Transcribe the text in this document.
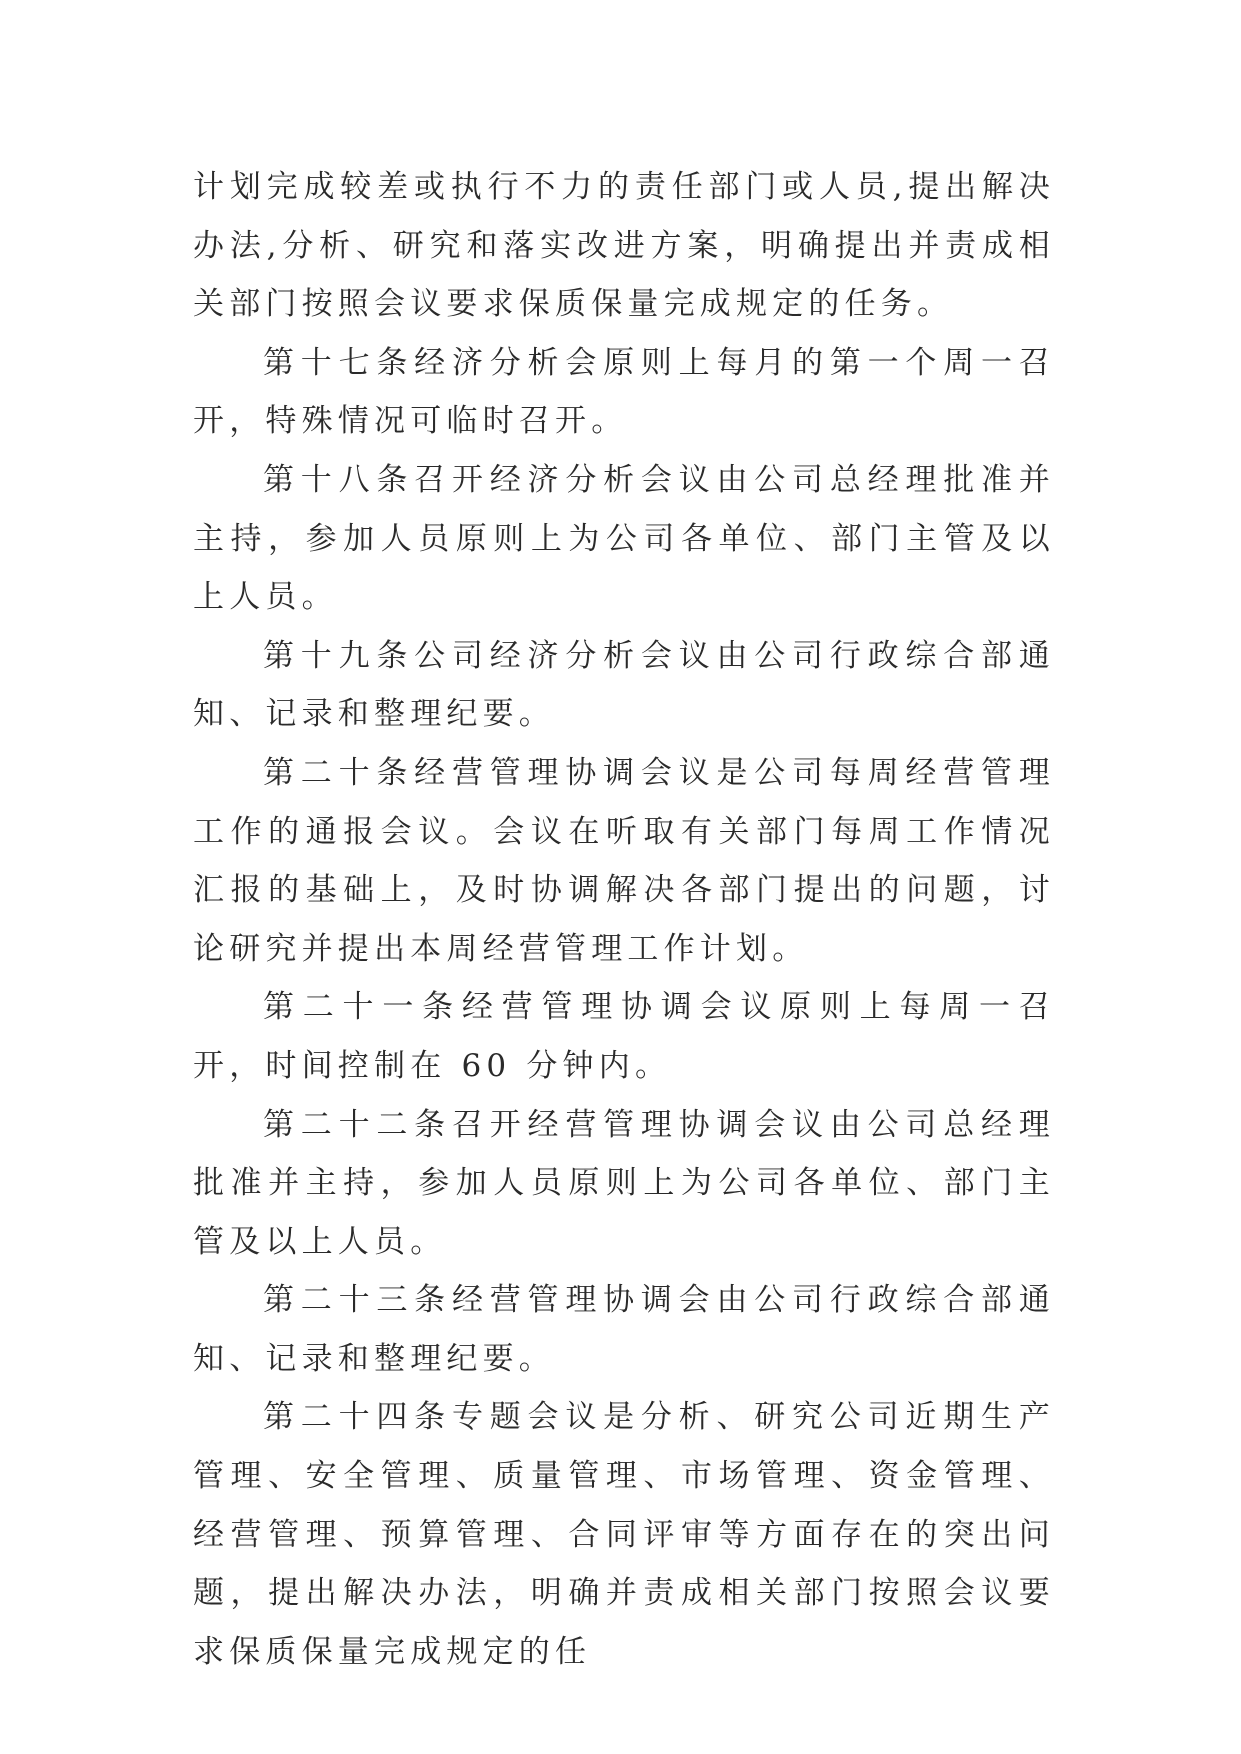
计划完成较差或执行不力的责任部门或人员,提出解决办法,分析、研究和落实改进方案，明确提出并责成相关部门按照会议要求保质保量完成规定的任务。

第十七条经济分析会原则上每月的第一个周一召开，特殊情况可临时召开。

第十八条召开经济分析会议由公司总经理批准并主持，参加人员原则上为公司各单位、部门主管及以上人员。

第十九条公司经济分析会议由公司行政综合部通知、记录和整理纪要。

第二十条经营管理协调会议是公司每周经营管理工作的通报会议。会议在听取有关部门每周工作情况汇报的基础上，及时协调解决各部门提出的问题，讨论研究并提出本周经营管理工作计划。

第二十一条经营管理协调会议原则上每周一召开，时间控制在 60 分钟内。

第二十二条召开经营管理协调会议由公司总经理批准并主持，参加人员原则上为公司各单位、部门主管及以上人员。

第二十三条经营管理协调会由公司行政综合部通知、记录和整理纪要。

第二十四条专题会议是分析、研究公司近期生产管理、安全管理、质量管理、市场管理、资金管理、经营管理、预算管理、合同评审等方面存在的突出问题，提出解决办法，明确并责成相关部门按照会议要求保质保量完成规定的任
